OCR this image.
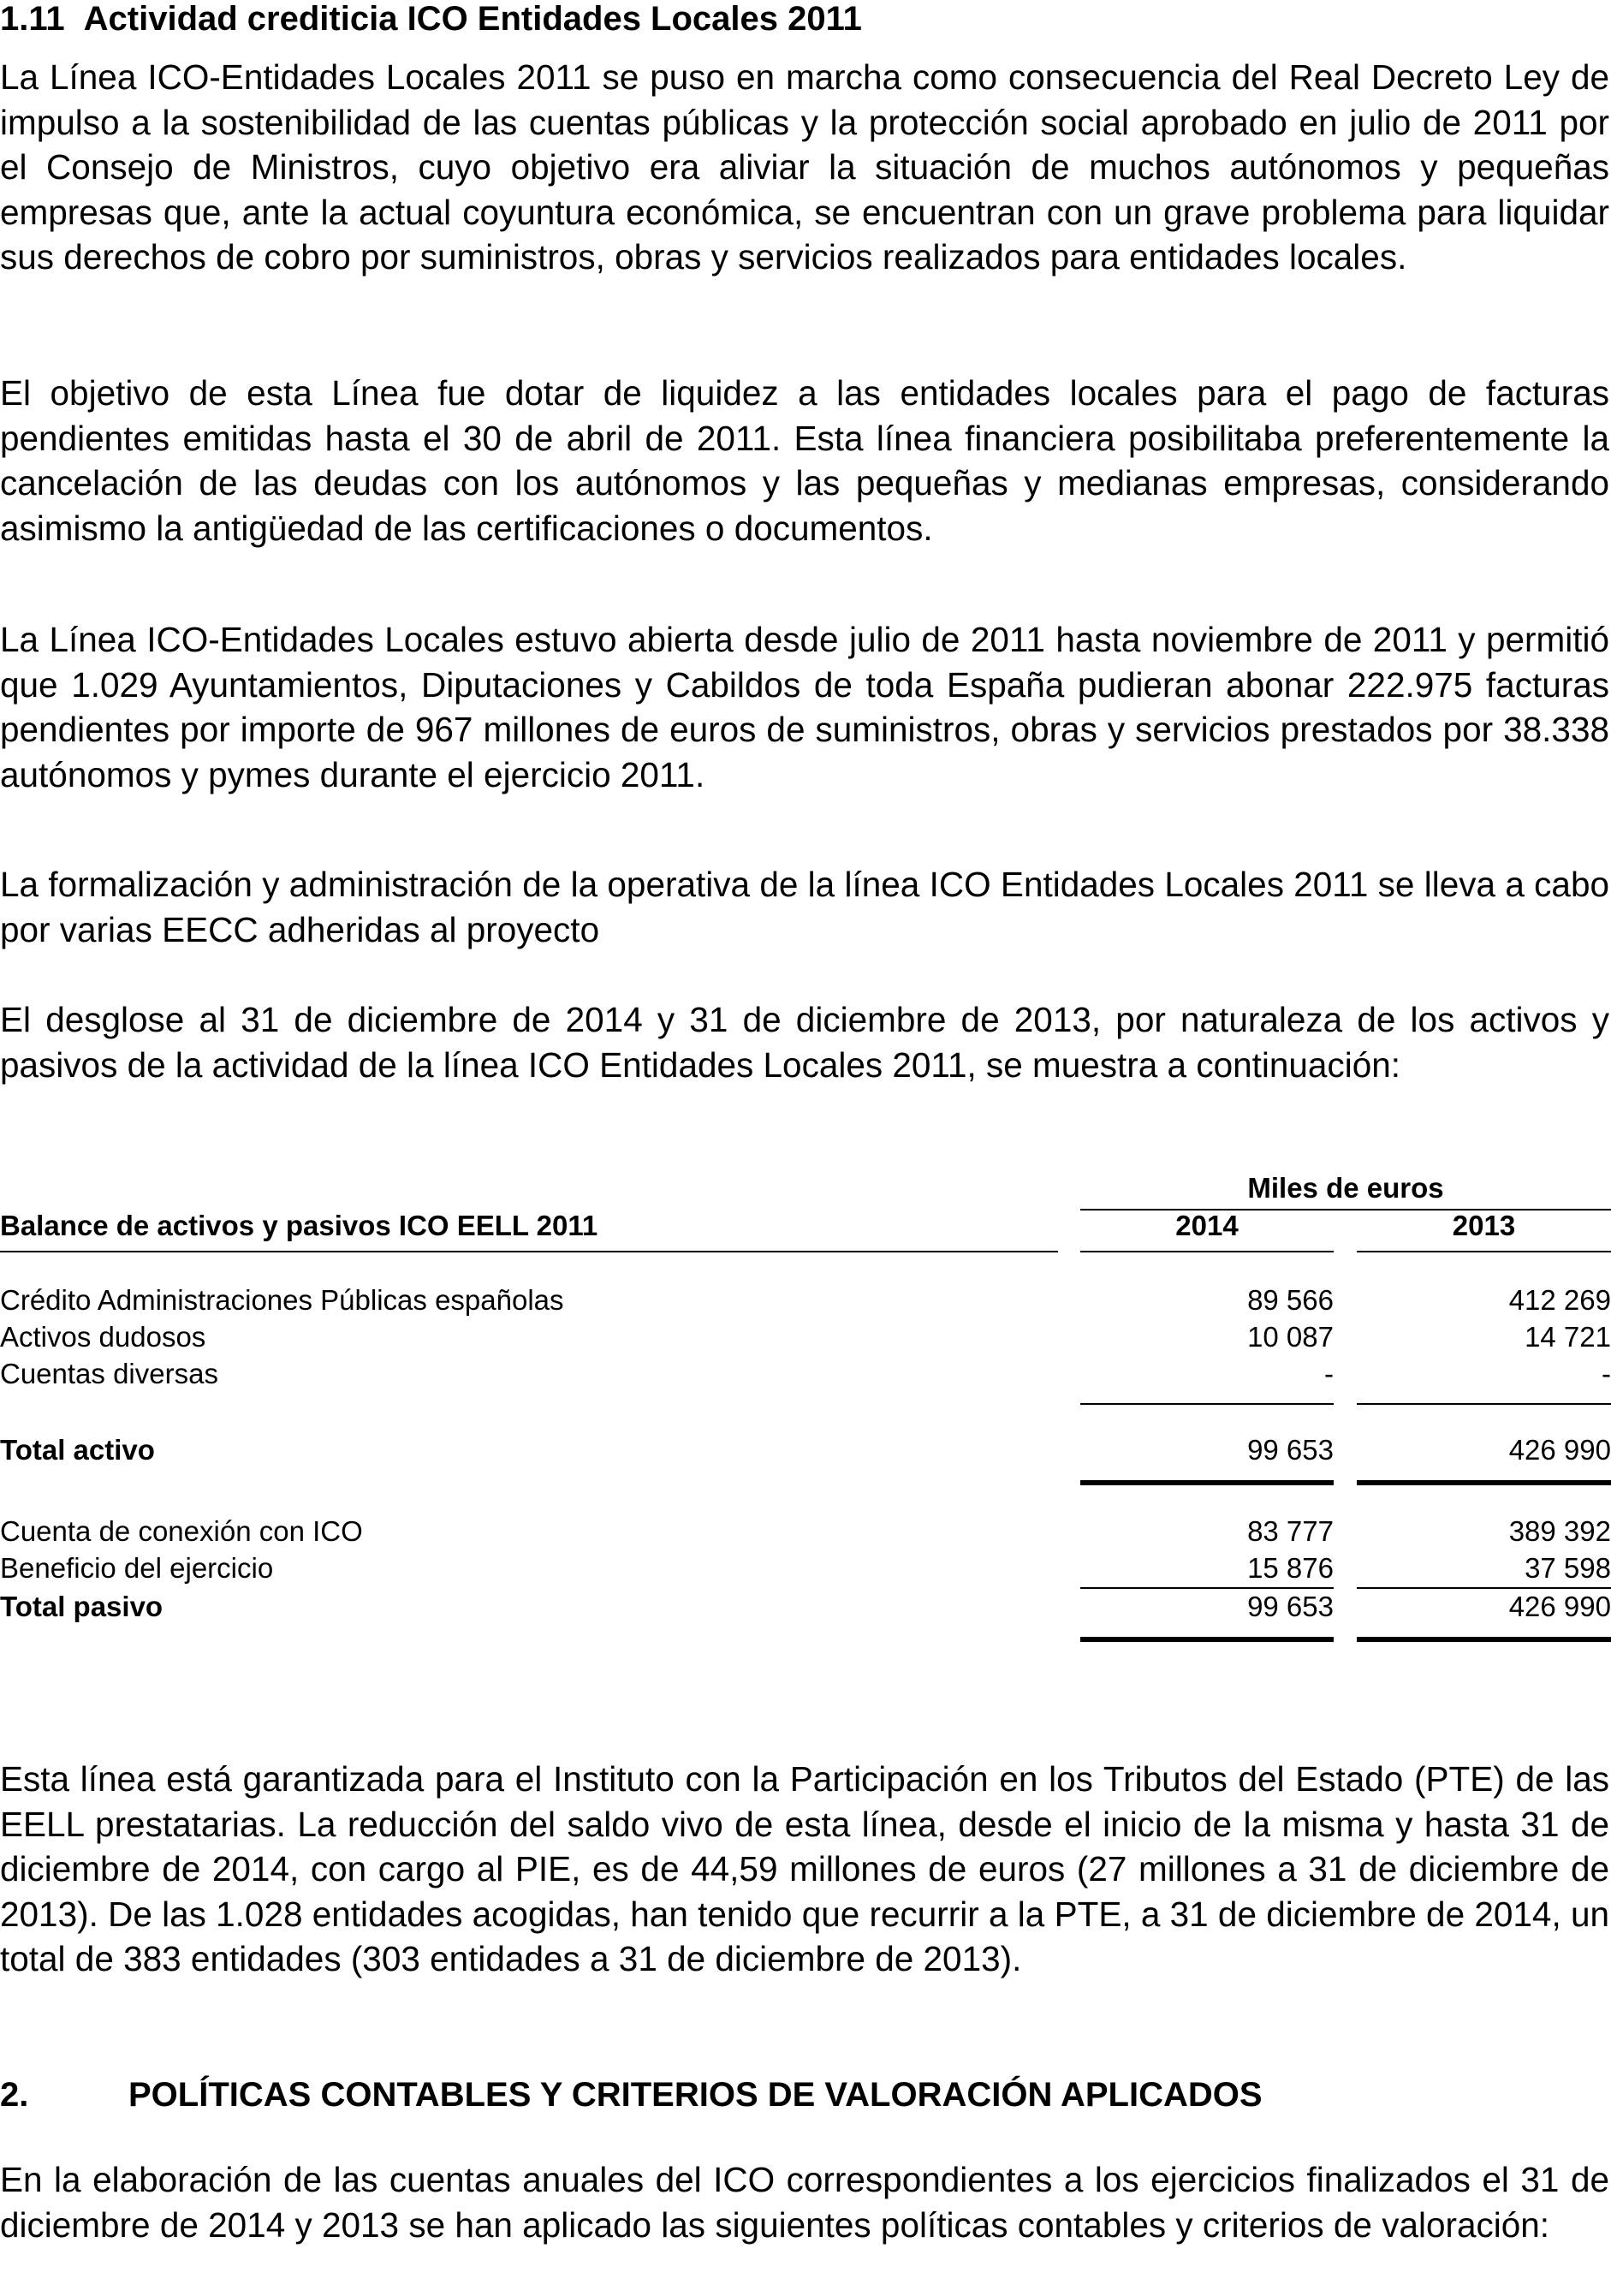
1.11 Actividad crediticia ICO Entidades Locales 2011

La Línea ICO-Entidades Locales 2011 se puso en marcha como consecuencia del Real Decreto Ley de impulso a la sostenibilidad de las cuentas públicas y la protección social aprobado en julio de 2011 por el Consejo de Ministros, cuyo objetivo era aliviar la situación de muchos autónomos y pequeñas empresas que, ante la actual coyuntura económica, se encuentran con un grave problema para liquidar sus derechos de cobro por suministros, obras y servicios realizados para entidades locales.

El objetivo de esta Línea fue dotar de liquidez a las entidades locales para el pago de facturas pendientes emitidas hasta el 30 de abril de 2011. Esta línea financiera posibilitaba preferentemente la cancelación de las deudas con los autónomos y las pequeñas y medianas empresas, considerando asimismo la antigüedad de las certificaciones o documentos.

La Línea ICO-Entidades Locales estuvo abierta desde julio de 2011 hasta noviembre de 2011 y permitió que 1.029 Ayuntamientos, Diputaciones y Cabildos de toda España pudieran abonar 222.975 facturas pendientes por importe de 967 millones de euros de suministros, obras y servicios prestados por 38.338 autónomos y pymes durante el ejercicio 2011.

La formalización y administración de la operativa de la línea ICO Entidades Locales 2011 se lleva a cabo por varias EECC adheridas al proyecto

El desglose al 31 de diciembre de 2014 y 31 de diciembre de 2013, por naturaleza de los activos y pasivos de la actividad de la línea ICO Entidades Locales 2011, se muestra a continuación:

Miles de euros
Balance de activos y pasivos ICO EELL 2011	2014	2013
Crédito Administraciones Públicas españolas	89 566	412 269
Activos dudosos	10 087	14 721
Cuentas diversas	-	-
Total activo	99 653	426 990
Cuenta de conexión con ICO	83 777	389 392
Beneficio del ejercicio	15 876	37 598
Total pasivo	99 653	426 990

Esta línea está garantizada para el Instituto con la Participación en los Tributos del Estado (PTE) de las EELL prestatarias. La reducción del saldo vivo de esta línea, desde el inicio de la misma y hasta 31 de diciembre de 2014, con cargo al PIE, es de 44,59 millones de euros (27 millones a 31 de diciembre de 2013). De las 1.028 entidades acogidas, han tenido que recurrir a la PTE, a 31 de diciembre de 2014, un total de 383 entidades (303 entidades a 31 de diciembre de 2013).

2.	POLÍTICAS CONTABLES Y CRITERIOS DE VALORACIÓN APLICADOS

En la elaboración de las cuentas anuales del ICO correspondientes a los ejercicios finalizados el 31 de diciembre de 2014 y 2013 se han aplicado las siguientes políticas contables y criterios de valoración:
